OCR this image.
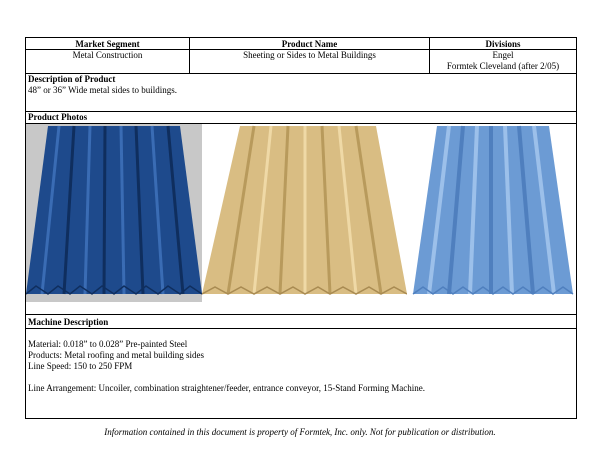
Market Segment	Product Name	Divisions
Metal Construction	Sheeting or Sides to Metal Buildings	Engel
Formtek Cleveland (after 2/05)
Description of Product
48” or 36” Wide metal sides to buildings.
Product Photos
Machine Description
Material: 0.018” to 0.028” Pre-painted Steel
Products: Metal roofing and metal building sides
Line Speed: 150 to 250 FPM
Line Arrangement: Uncoiler, combination straightener/feeder, entrance conveyor, 15-Stand Forming Machine.
Information contained in this document is property of Formtek, Inc. only. Not for publication or distribution.
